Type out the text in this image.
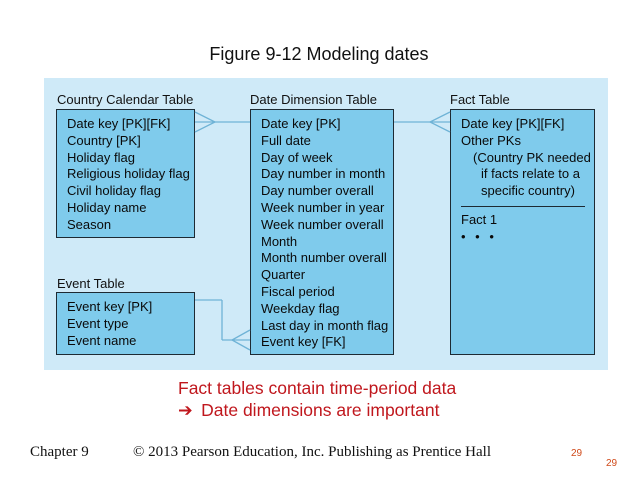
Figure 9-12 Modeling dates
Country Calendar Table
Date key [PK][FK]
Country [PK]
Holiday flag
Religious holiday flag
Civil holiday flag
Holiday name
Season
Date Dimension Table
Date key [PK]
Full date
Day of week
Day number in month
Day number overall
Week number in year
Week number overall
Month
Month number overall
Quarter
Fiscal period
Weekday flag
Last day in month flag
Event key [FK]
Fact Table
Date key [PK][FK]
Other PKs
(Country PK needed
if facts relate to a
specific country)
Fact 1
• • •
Event Table
Event key [PK]
Event type
Event name
Fact tables contain time-period data
➔ Date dimensions are important
Chapter 9	© 2013 Pearson Education, Inc. Publishing as Prentice Hall	29
29
